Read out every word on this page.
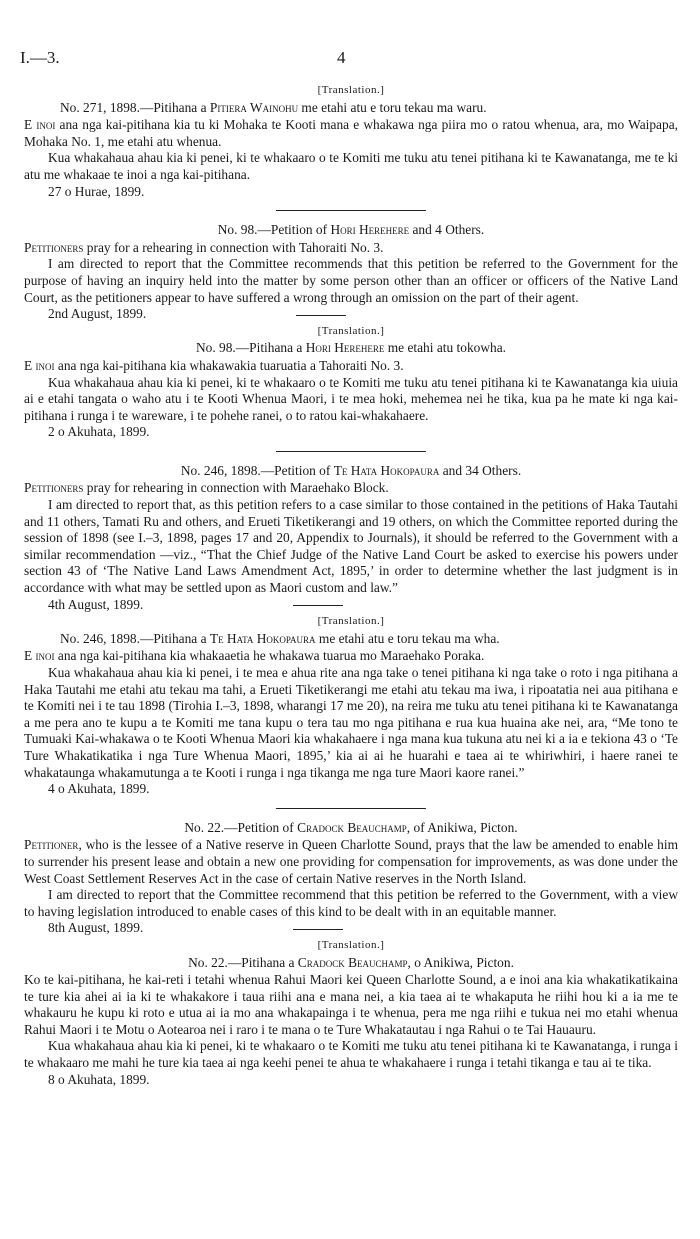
I.—3.	4
[Translation.]
No. 271, 1898.—Pitihana a Pitiera Wainohu me etahi atu e toru tekau ma waru.

E inoi ana nga kai-pitihana kia tu ki Mohaka te Kooti mana e whakawa nga piira mo o ratou whenua, ara, mo Waipapa, Mohaka No. 1, me etahi atu whenua.

Kua whakahaua ahau kia ki penei, ki te whakaaro o te Komiti me tuku atu tenei pitihana ki te Kawanatanga, me te ki atu me whakaae te inoi a nga kai-pitihana.

27 o Hurae, 1899.
No. 98.—Petition of Hori Herehere and 4 Others.

Petitioners pray for a rehearing in connection with Tahoraiti No. 3.

I am directed to report that the Committee recommends that this petition be referred to the Government for the purpose of having an inquiry held into the matter by some person other than an officer or officers of the Native Land Court, as the petitioners appear to have suffered a wrong through an omission on the part of their agent.

2nd August, 1899.
[Translation.]
No. 98.—Pitihana a Hori Herehere me etahi atu tokowha.

E inoi ana nga kai-pitihana kia whakawakia tuaruatia a Tahoraiti No. 3.

Kua whakahaua ahau kia ki penei, ki te whakaaro o te Komiti me tuku atu tenei pitihana ki te Kawanatanga kia uiuia ai e etahi tangata o waho atu i te Kooti Whenua Maori, i te mea hoki, mehemea nei he tika, kua pa he mate ki nga kai-pitihana i runga i te wareware, i te pohehe ranei, o to ratou kai-whakahaere.

2 o Akuhata, 1899.
No. 246, 1898.—Petition of Te Hata Hokopaura and 34 Others.

Petitioners pray for rehearing in connection with Maraehako Block.

I am directed to report that, as this petition refers to a case similar to those contained in the petitions of Haka Tautahi and 11 others, Tamati Ru and others, and Erueti Tiketikerangi and 19 others, on which the Committee reported during the session of 1898 (see I.–3, 1898, pages 17 and 20, Appendix to Journals), it should be referred to the Government with a similar recommendation —viz., “That the Chief Judge of the Native Land Court be asked to exercise his powers under section 43 of ‘The Native Land Laws Amendment Act, 1895,’ in order to determine whether the last judgment is in accordance with what may be settled upon as Maori custom and law.”

4th August, 1899.
[Translation.]
No. 246, 1898.—Pitihana a Te Hata Hokopaura me etahi atu e toru tekau ma wha.

E inoi ana nga kai-pitihana kia whakaaetia he whakawa tuarua mo Maraehako Poraka.

Kua whakahaua ahau kia ki penei, i te mea e ahua rite ana nga take o tenei pitihana ki nga take o roto i nga pitihana a Haka Tautahi me etahi atu tekau ma tahi, a Erueti Tiketikerangi me etahi atu tekau ma iwa, i ripoatatia nei aua pitihana e te Komiti nei i te tau 1898 (Tirohia I.–3, 1898, wharangi 17 me 20), na reira me tuku atu tenei pitihana ki te Kawanatanga a me pera ano te kupu a te Komiti me tana kupu o tera tau mo nga pitihana e rua kua huaina ake nei, ara, “Me tono te Tumuaki Kai-whakawa o te Kooti Whenua Maori kia whakahaere i nga mana kua tukuna atu nei ki a ia e tekiona 43 o ‘Te Ture Whakatikatika i nga Ture Whenua Maori, 1895,’ kia ai ai he huarahi e taea ai te whiriwhiri, i haere ranei te whakataunga whakamutunga a te Kooti i runga i nga tikanga me nga ture Maori kaore ranei.”

4 o Akuhata, 1899.
No. 22.—Petition of Cradock Beauchamp, of Anikiwa, Picton.

Petitioner, who is the lessee of a Native reserve in Queen Charlotte Sound, prays that the law be amended to enable him to surrender his present lease and obtain a new one providing for compensation for improvements, as was done under the West Coast Settlement Reserves Act in the case of certain Native reserves in the North Island.

I am directed to report that the Committee recommend that this petition be referred to the Government, with a view to having legislation introduced to enable cases of this kind to be dealt with in an equitable manner.

8th August, 1899.
[Translation.]
No. 22.—Pitihana a Cradock Beauchamp, o Anikiwa, Picton.

Ko te kai-pitihana, he kai-reti i tetahi whenua Rahui Maori kei Queen Charlotte Sound, a e inoi ana kia whakatikatikaina te ture kia ahei ai ia ki te whakakore i taua riihi ana e mana nei, a kia taea ai te whakaputa he riihi hou ki a ia me te whakauru he kupu ki roto e utua ai ia mo ana whakapainga i te whenua, pera me nga riihi e tukua nei mo etahi whenua Rahui Maori i te Motu o Aotearoa nei i raro i te mana o te Ture Whakatautau i nga Rahui o te Tai Hauauru.

Kua whakahaua ahau kia ki penei, ki te whakaaro o te Komiti me tuku atu tenei pitihana ki te Kawanatanga, i runga i te whakaaro me mahi he ture kia taea ai nga keehi penei te ahua te whakahaere i runga i tetahi tikanga e tau ai te tika.

8 o Akuhata, 1899.
